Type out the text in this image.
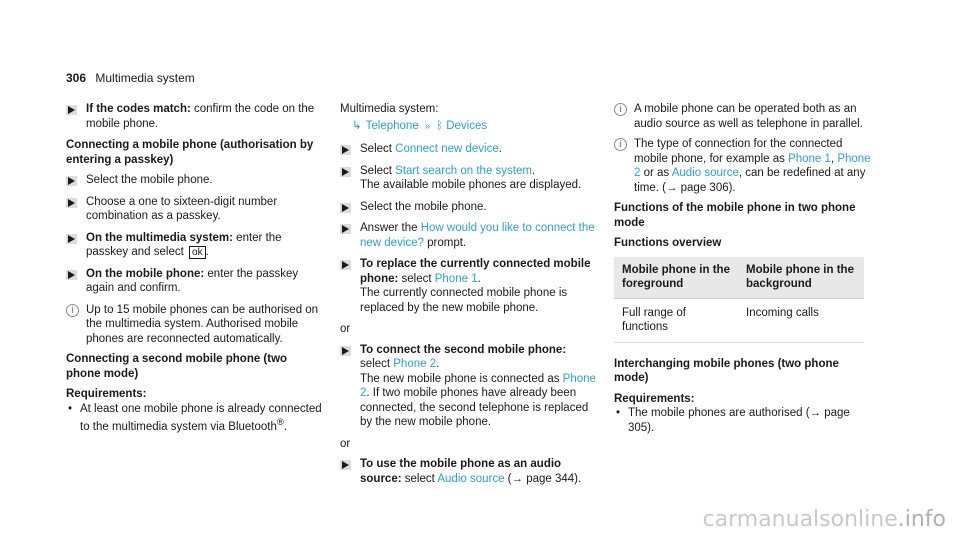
306 Multimedia system
If the codes match: confirm the code on the mobile phone.
Connecting a mobile phone (authorisation by entering a passkey)
Select the mobile phone.
Choose a one to sixteen-digit number combination as a passkey.
On the multimedia system: enter the passkey and select ok .
On the mobile phone: enter the passkey again and confirm.
i	Up to 15 mobile phones can be authorised on the multimedia system. Authorised mobile phones are reconnected automatically.
Connecting a second mobile phone (two phone mode)
Requirements:
• At least one mobile phone is already connected to the multimedia system via Bluetooth®.
Multimedia system:
↳ Telephone » ᛒ Devices
Select Connect new device.
Select Start search on the system.
The available mobile phones are displayed.
Select the mobile phone.
Answer the How would you like to connect the new device? prompt.
To replace the currently connected mobile phone: select Phone 1.
The currently connected mobile phone is replaced by the new mobile phone.
or
To connect the second mobile phone: select Phone 2.
The new mobile phone is connected as Phone 2. If two mobile phones have already been connected, the second telephone is replaced by the new mobile phone.
or
To use the mobile phone as an audio source: select Audio source (→ page 344).
i	A mobile phone can be operated both as an audio source as well as telephone in parallel.
i	The type of connection for the connected mobile phone, for example as Phone 1, Phone 2 or as Audio source, can be redefined at any time. (→ page 306).
Functions of the mobile phone in two phone mode
Functions overview
Mobile phone in the foreground	Mobile phone in the background
Full range of functions	Incoming calls
Interchanging mobile phones (two phone mode)
Requirements:
• The mobile phones are authorised (→ page 305).
carmanualsonline.info
